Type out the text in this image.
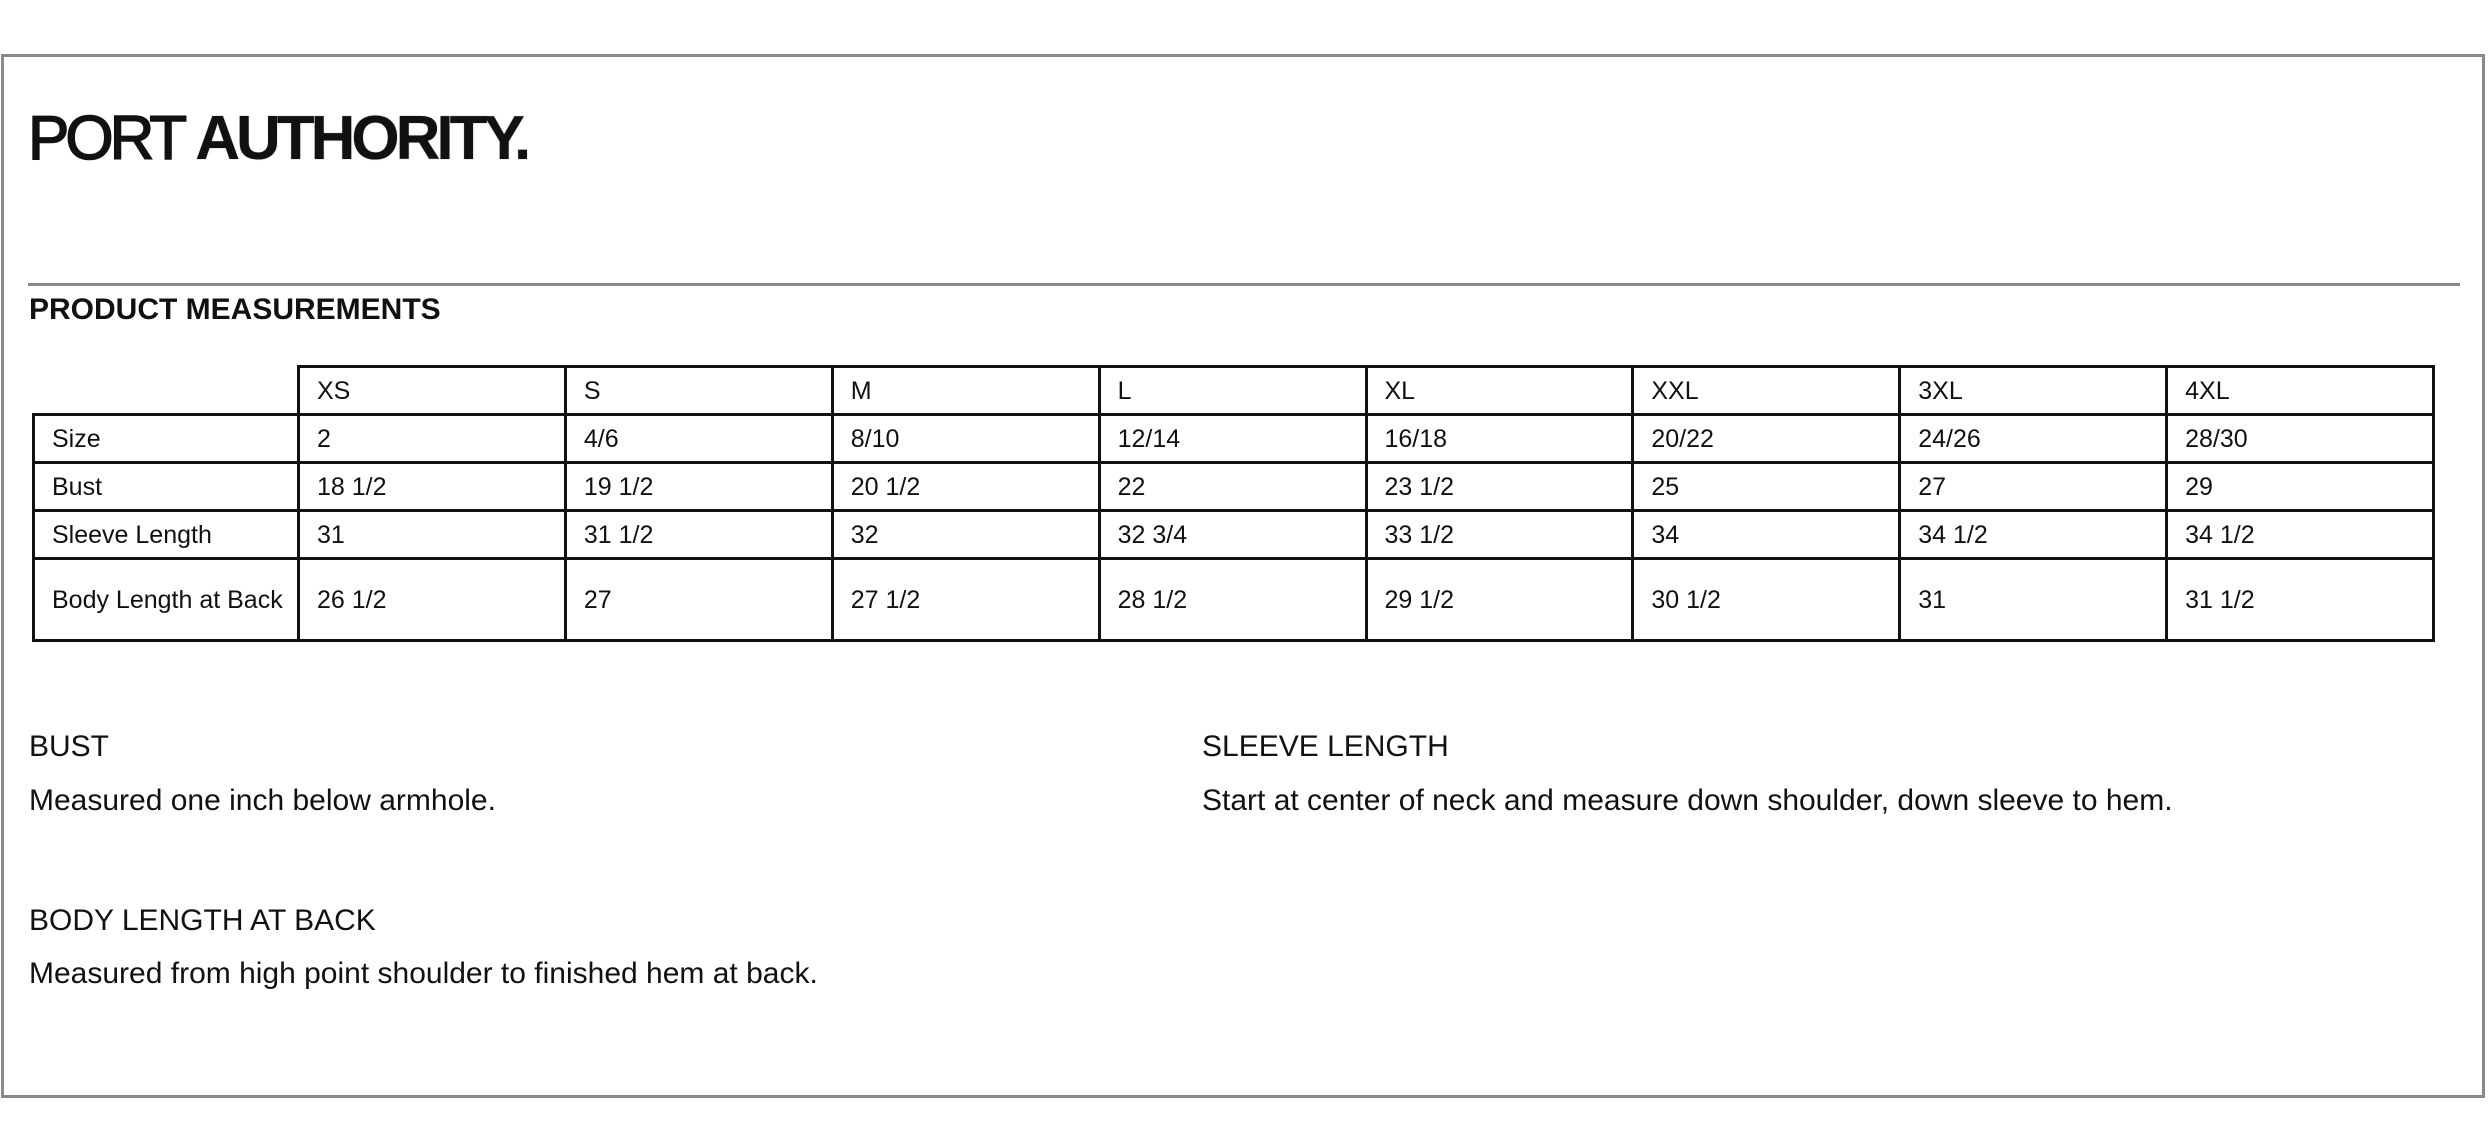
PORT AUTHORITY.
PRODUCT MEASUREMENTS
	XS	S	M	L	XL	XXL	3XL	4XL
Size	2	4/6	8/10	12/14	16/18	20/22	24/26	28/30
Bust	18 1/2	19 1/2	20 1/2	22	23 1/2	25	27	29
Sleeve Length	31	31 1/2	32	32 3/4	33 1/2	34	34 1/2	34 1/2
Body Length at Back	26 1/2	27	27 1/2	28 1/2	29 1/2	30 1/2	31	31 1/2
BUST
Measured one inch below armhole.
SLEEVE LENGTH
Start at center of neck and measure down shoulder, down sleeve to hem.
BODY LENGTH AT BACK
Measured from high point shoulder to finished hem at back.
